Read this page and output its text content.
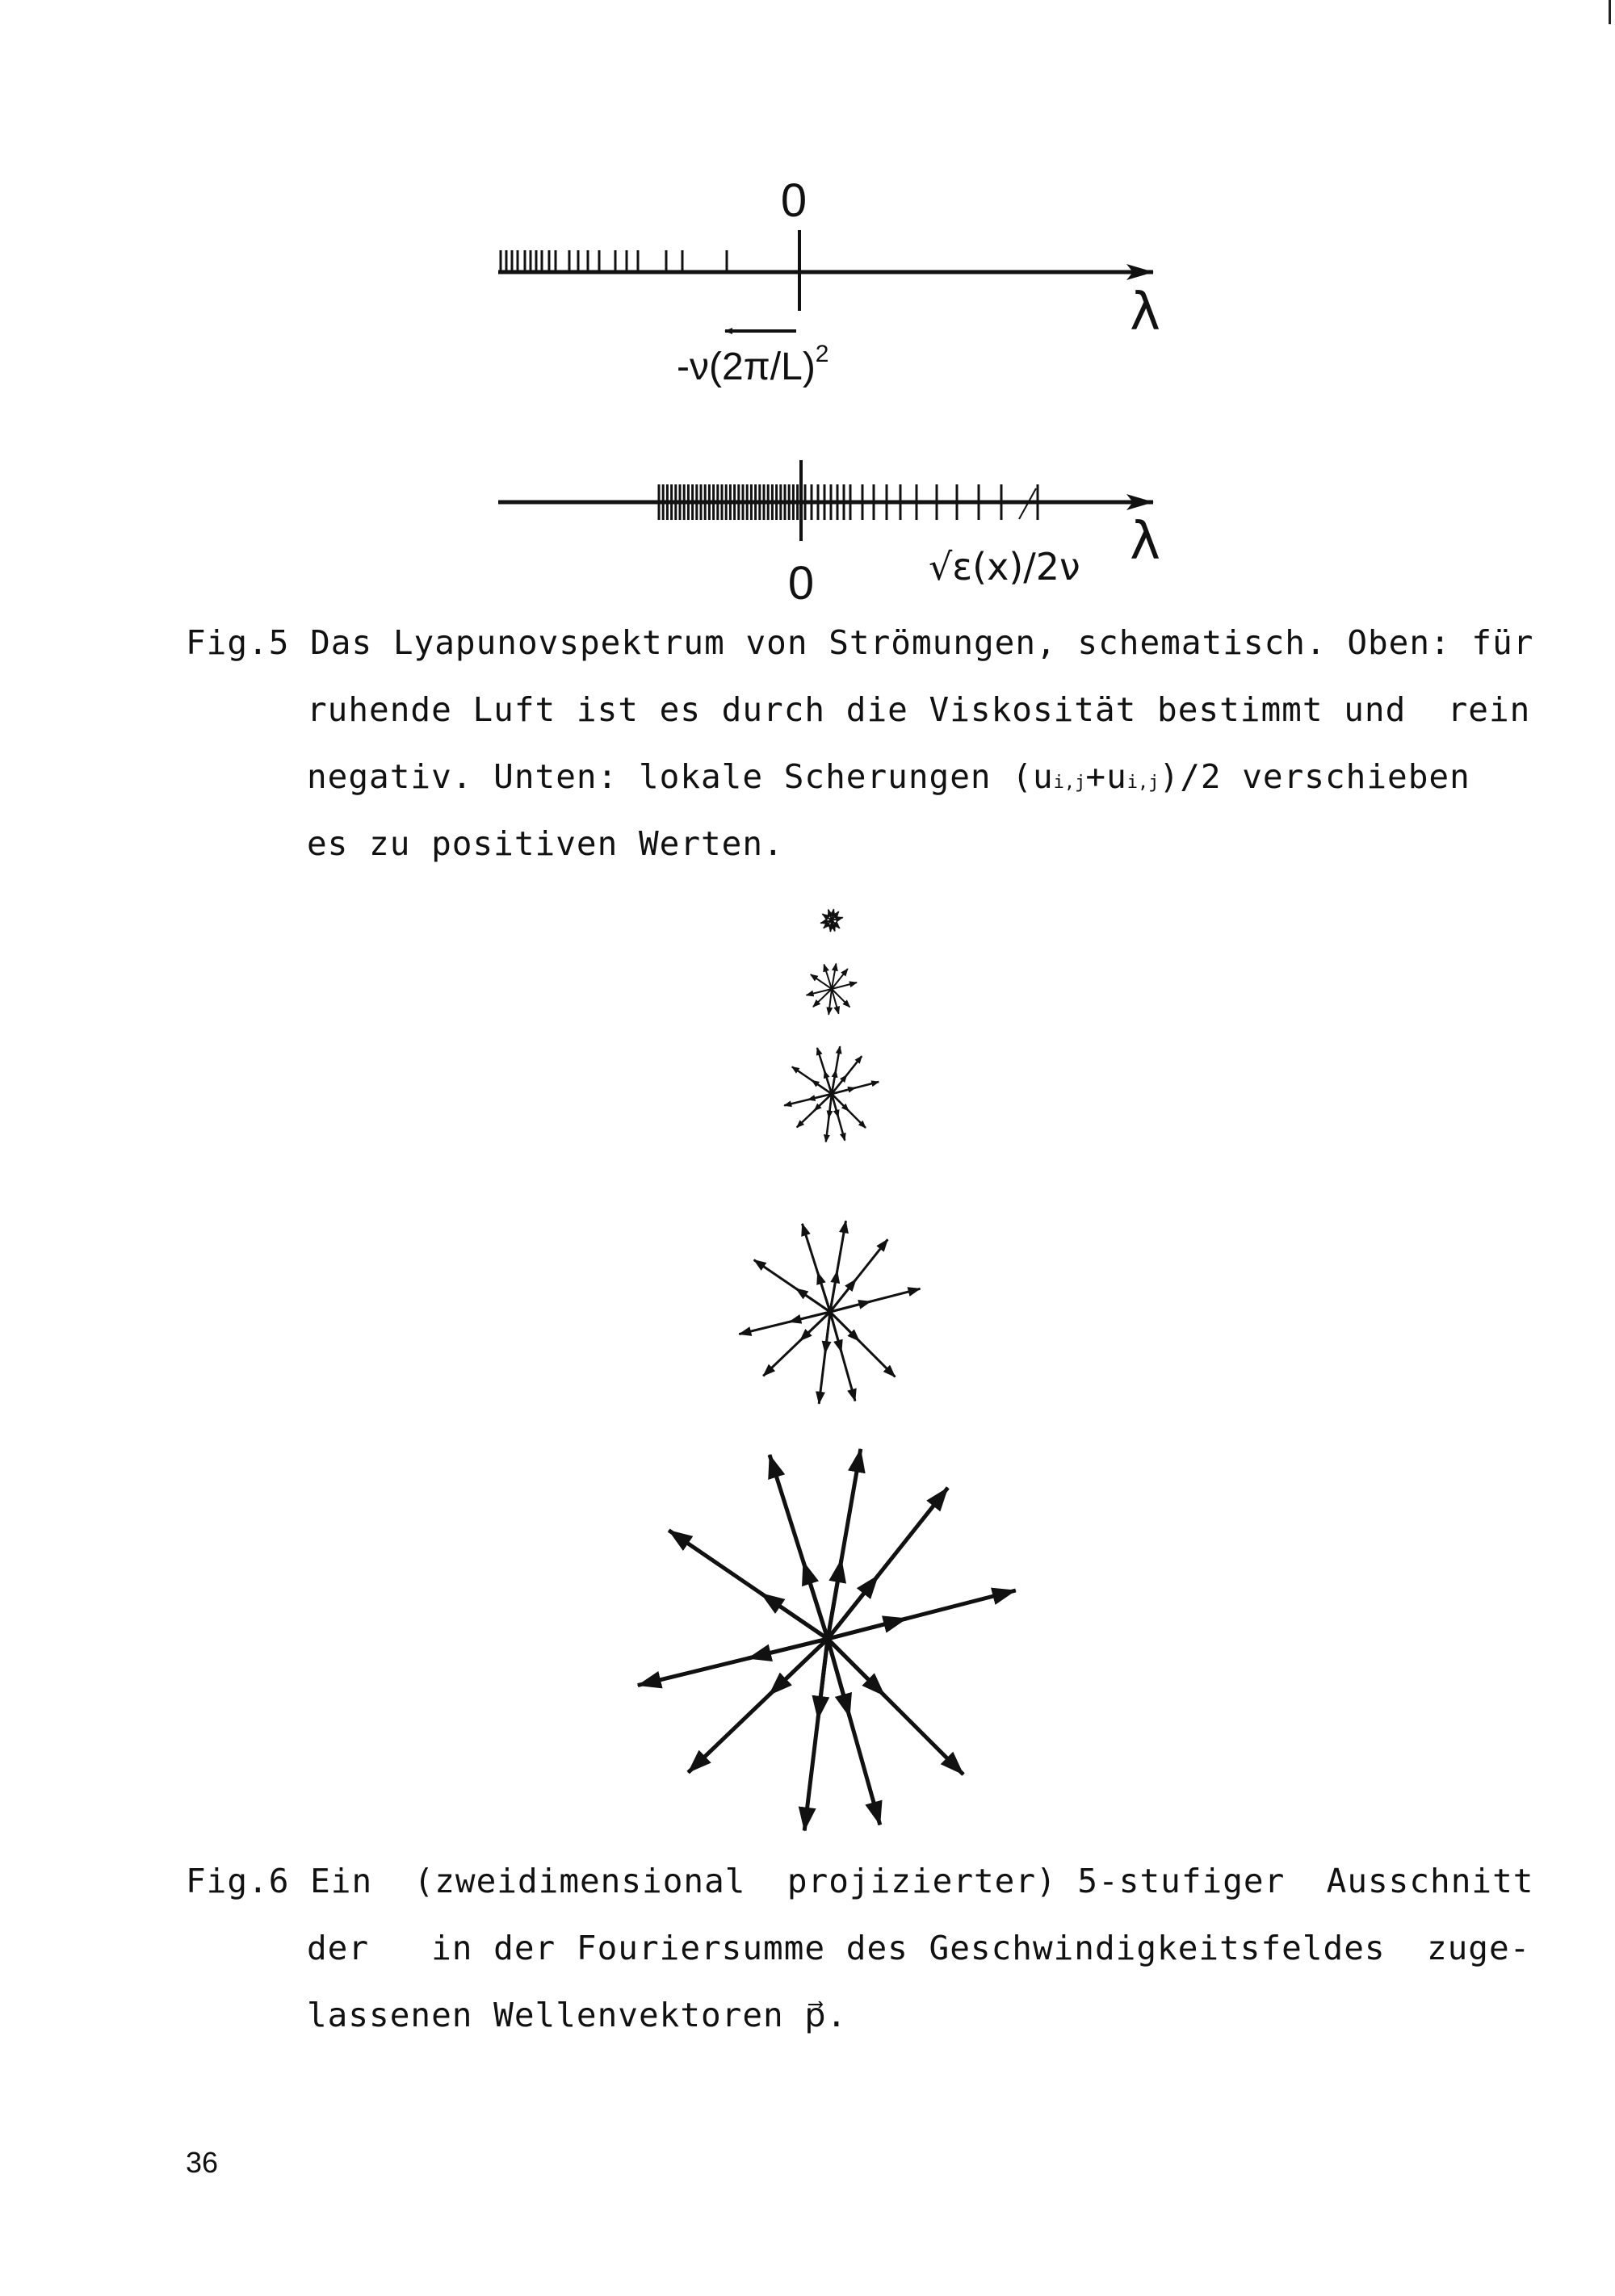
0
λ
$-\nu(2\pi/L)^2$
0	√ε(x)/2ν λ
Fig.5 Das Lyapunovspektrum von Strömungen, schematisch. Oben: für
ruhende Luft ist es durch die Viskosität bestimmt und  rein
negativ. Unten: lokale Scherungen (ui,j+ui,j)/2 verschieben
es zu positiven Werten.
Fig.6 Ein  (zweidimensional  projizierter) 5-stufiger  Ausschnitt
der   in der Fouriersumme des Geschwindigkeitsfeldes  zuge-
lassenen Wellenvektoren p⃗.
36
